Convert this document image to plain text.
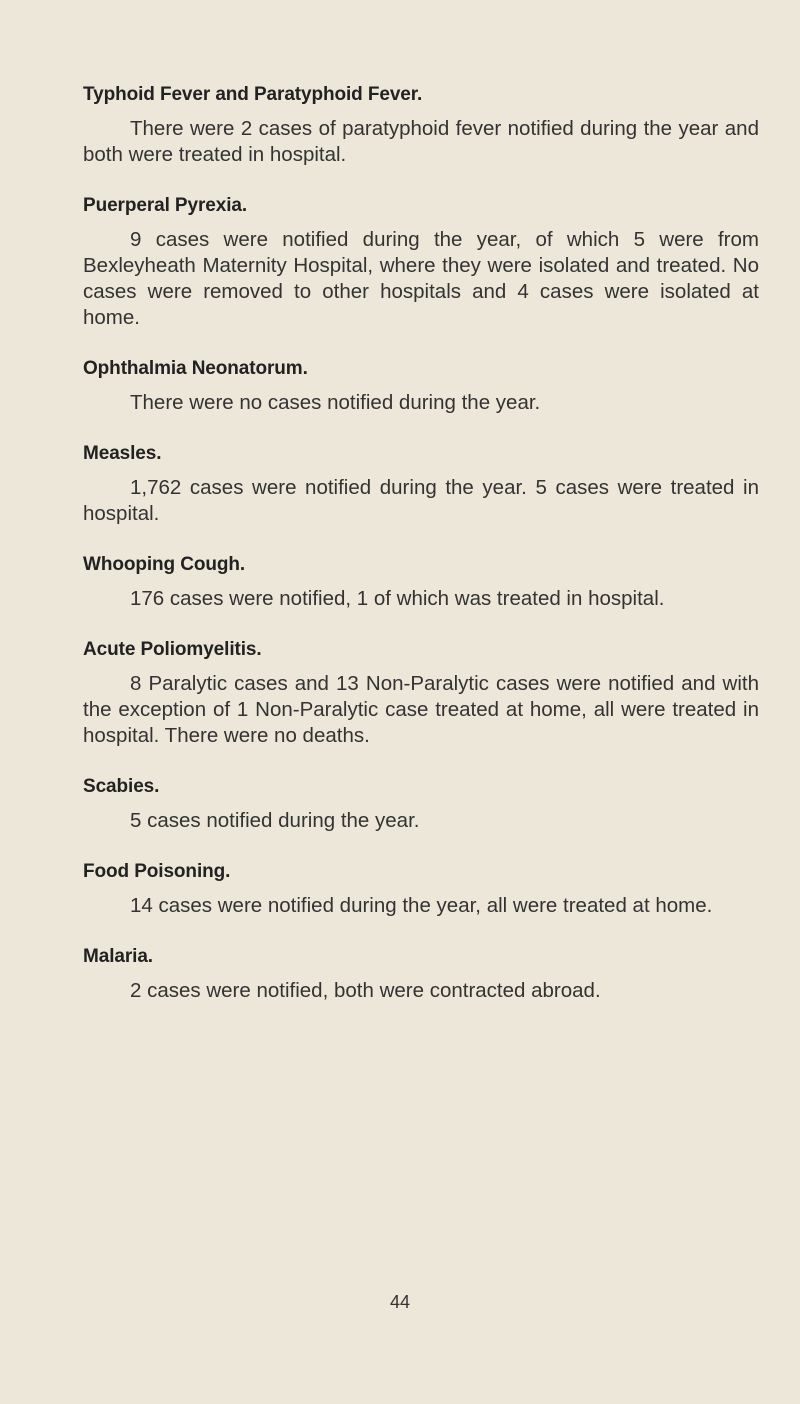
Typhoid Fever and Paratyphoid Fever.

There were 2 cases of paratyphoid fever notified during the year and both were treated in hospital.

Puerperal Pyrexia.

9 cases were notified during the year, of which 5 were from Bexleyheath Maternity Hospital, where they were isolated and treated. No cases were removed to other hospitals and 4 cases were isolated at home.

Ophthalmia Neonatorum.

There were no cases notified during the year.

Measles.

1,762 cases were notified during the year. 5 cases were treated in hospital.

Whooping Cough.

176 cases were notified, 1 of which was treated in hospital.

Acute Poliomyelitis.

8 Paralytic cases and 13 Non-Paralytic cases were notified and with the exception of 1 Non-Paralytic case treated at home, all were treated in hospital. There were no deaths.

Scabies.

5 cases notified during the year.

Food Poisoning.

14 cases were notified during the year, all were treated at home.

Malaria.

2 cases were notified, both were contracted abroad.

44
